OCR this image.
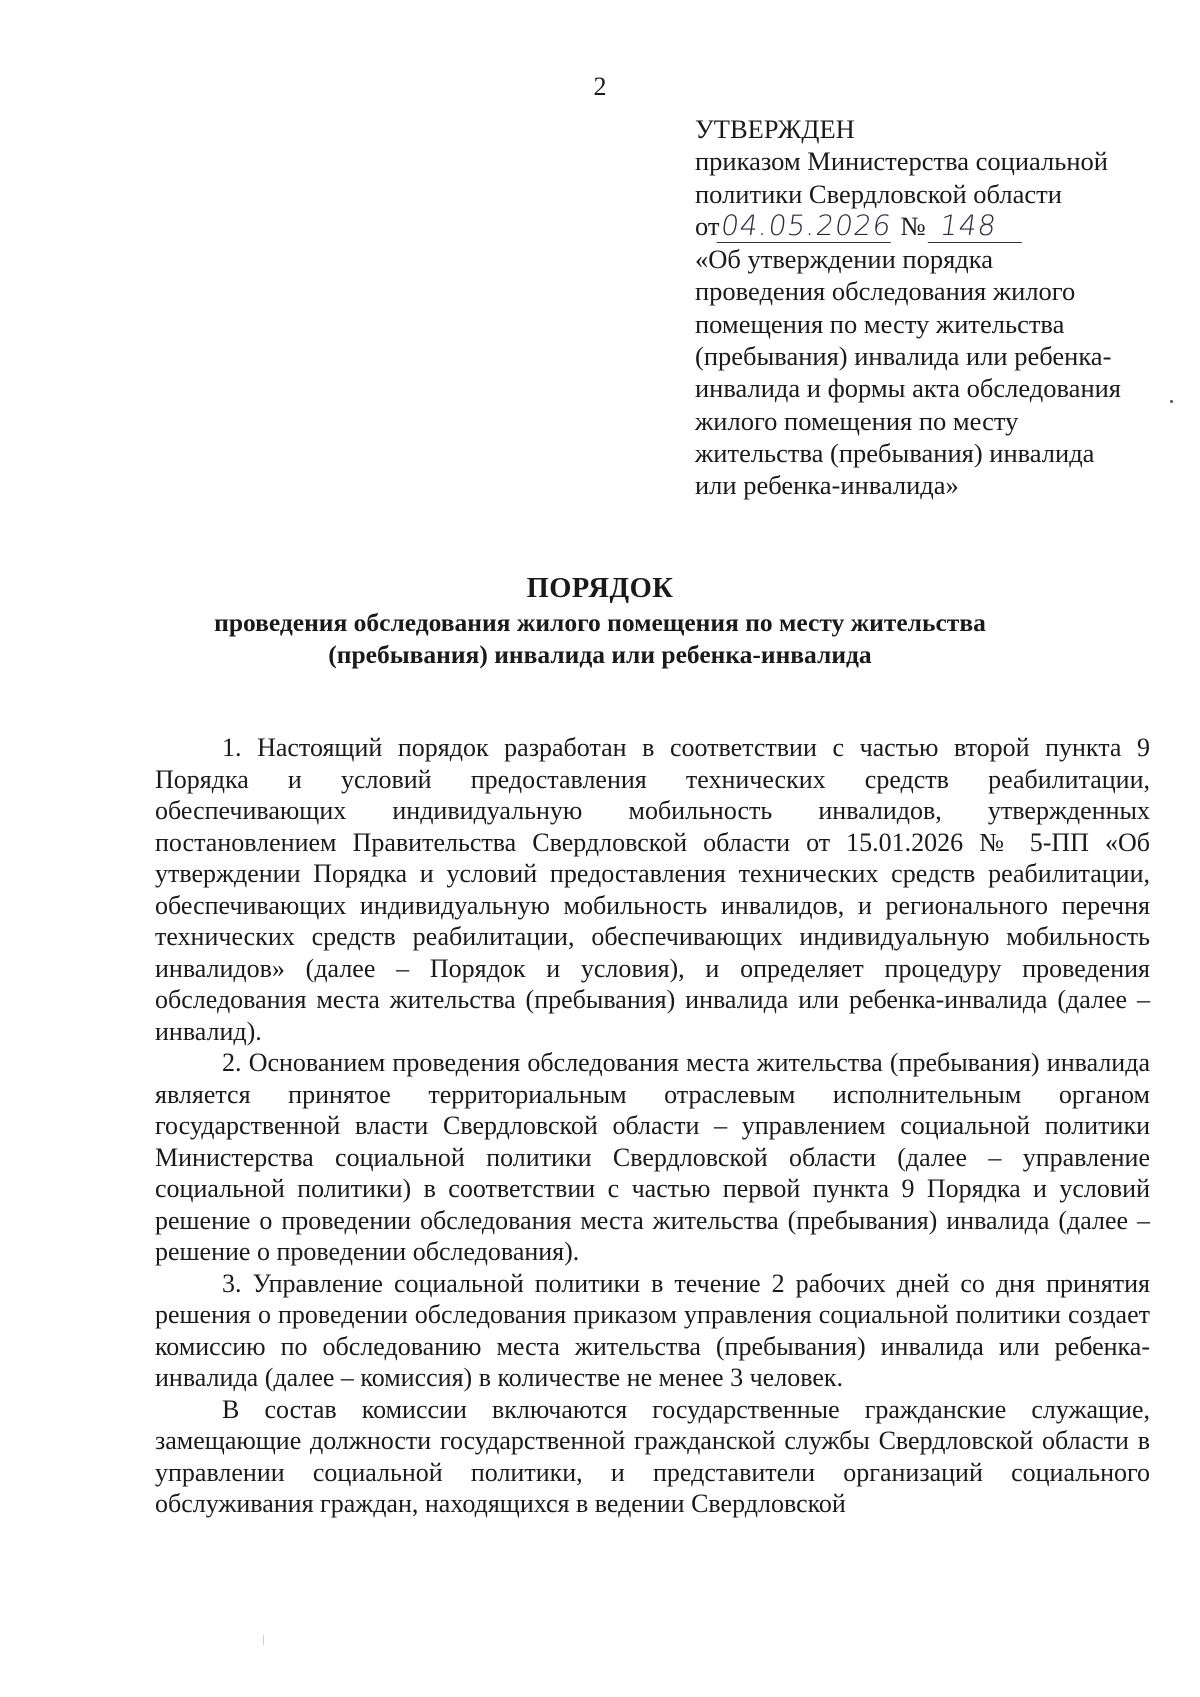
2
УТВЕРЖДЕН
приказом Министерства социальной
политики Свердловской области
от04.05.2026 № 148
«Об утверждении порядка
проведения обследования жилого
помещения по месту жительства
(пребывания) инвалида или ребенка-
инвалида и формы акта обследования
жилого помещения по месту
жительства (пребывания) инвалида
или ребенка-инвалида»
ПОРЯДОК
проведения обследования жилого помещения по месту жительства
(пребывания) инвалида или ребенка-инвалида

1. Настоящий порядок разработан в соответствии с частью второй пункта 9 Порядка и условий предоставления технических средств реабилитации, обеспечивающих индивидуальную мобильность инвалидов, утвержденных постановлением Правительства Свердловской области от 15.01.2026 № 5-ПП «Об утверждении Порядка и условий предоставления технических средств реабилитации, обеспечивающих индивидуальную мобильность инвалидов, и регионального перечня технических средств реабилитации, обеспечивающих индивидуальную мобильность инвалидов» (далее – Порядок и условия), и определяет процедуру проведения обследования места жительства (пребывания) инвалида или ребенка-инвалида (далее – инвалид).

2. Основанием проведения обследования места жительства (пребывания) инвалида является принятое территориальным отраслевым исполнительным органом государственной власти Свердловской области – управлением социальной политики Министерства социальной политики Свердловской области (далее – управление социальной политики) в соответствии с частью первой пункта 9 Порядка и условий решение о проведении обследования места жительства (пребывания) инвалида (далее – решение о проведении обследования).

3. Управление социальной политики в течение 2 рабочих дней со дня принятия решения о проведении обследования приказом управления социальной политики создает комиссию по обследованию места жительства (пребывания) инвалида или ребенка-инвалида (далее – комиссия) в количестве не менее 3 человек.

В состав комиссии включаются государственные гражданские служащие, замещающие должности государственной гражданской службы Свердловской области в управлении социальной политики, и представители организаций социального обслуживания граждан, находящихся в ведении Свердловской
